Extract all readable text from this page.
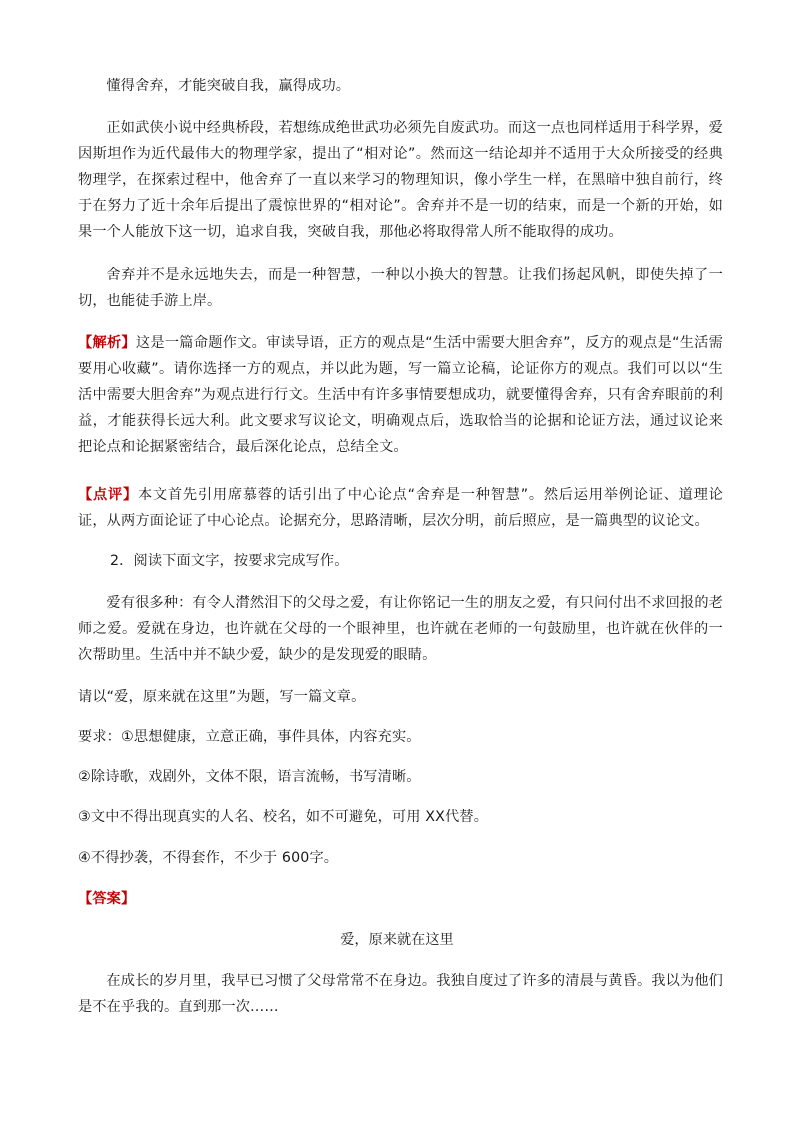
懂得舍弃，才能突破自我，赢得成功。

正如武侠小说中经典桥段，若想练成绝世武功必须先自废武功。而这一点也同样适用于科学界，爱因斯坦作为近代最伟大的物理学家，提出了“相对论”。然而这一结论却并不适用于大众所接受的经典物理学，在探索过程中，他舍弃了一直以来学习的物理知识，像小学生一样，在黑暗中独自前行，终于在努力了近十余年后提出了震惊世界的“相对论”。舍弃并不是一切的结束，而是一个新的开始，如果一个人能放下这一切，追求自我，突破自我，那他必将取得常人所不能取得的成功。

舍弃并不是永远地失去，而是一种智慧，一种以小换大的智慧。让我们扬起风帆，即使失掉了一切，也能徒手游上岸。

【解析】这是一篇命题作文。审读导语，正方的观点是“生活中需要大胆舍弃”，反方的观点是“生活需要用心收藏”。请你选择一方的观点，并以此为题，写一篇立论稿，论证你方的观点。我们可以以“生活中需要大胆舍弃”为观点进行行文。生活中有许多事情要想成功，就要懂得舍弃，只有舍弃眼前的利益，才能获得长远大利。此文要求写议论文，明确观点后，选取恰当的论据和论证方法，通过议论来把论点和论据紧密结合，最后深化论点，总结全文。

【点评】本文首先引用席慕蓉的话引出了中心论点“舍弃是一种智慧”。然后运用举例论证、道理论证，从两方面论证了中心论点。论据充分，思路清晰，层次分明，前后照应，是一篇典型的议论文。

2．阅读下面文字，按要求完成写作。

爱有很多种：有令人潸然泪下的父母之爱，有让你铭记一生的朋友之爱，有只问付出不求回报的老师之爱。爱就在身边，也许就在父母的一个眼神里，也许就在老师的一句鼓励里，也许就在伙伴的一次帮助里。生活中并不缺少爱，缺少的是发现爱的眼睛。

请以“爱，原来就在这里”为题，写一篇文章。

要求：①思想健康，立意正确，事件具体，内容充实。

②除诗歌，戏剧外，文体不限，语言流畅，书写清晰。

③文中不得出现真实的人名、校名，如不可避免，可用 XX代替。

④不得抄袭，不得套作，不少于 600字。

【答案】

爱，原来就在这里

在成长的岁月里，我早已习惯了父母常常不在身边。我独自度过了许多的清晨与黄昏。我以为他们是不在乎我的。直到那一次……
